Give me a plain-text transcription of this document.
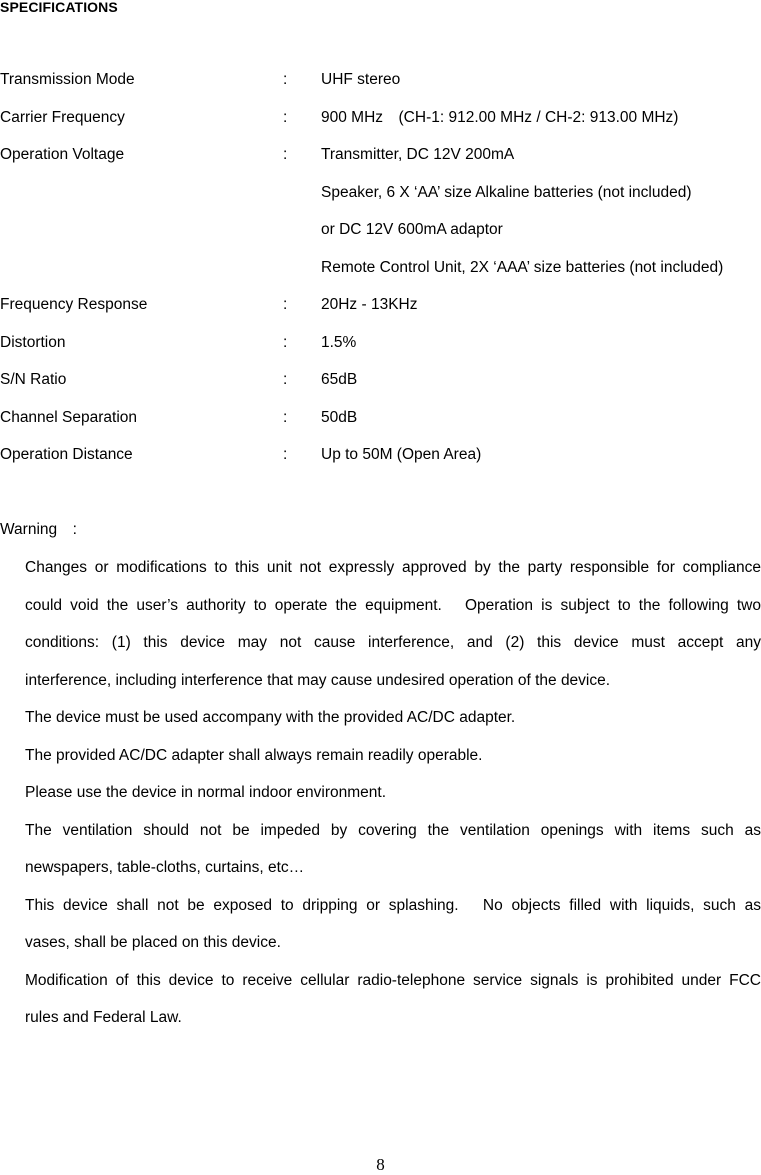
SPECIFICATIONS
Transmission Mode	: UHF stereo
Carrier Frequency	: 900 MHz　(CH-1: 912.00 MHz / CH-2: 913.00 MHz)
Operation Voltage	: Transmitter, DC 12V 200mA
Speaker, 6 X ‘AA’ size Alkaline batteries (not included)
or DC 12V 600mA adaptor
Remote Control Unit, 2X ‘AAA’ size batteries (not included)
Frequency Response	: 20Hz - 13KHz
Distortion	: 1.5%
S/N Ratio	: 65dB
Channel Separation	: 50dB
Operation Distance	: Up to 50M (Open Area)
Warning　:
Changes or modifications to this unit not expressly approved by the party responsible for compliance
could void the user’s authority to operate the equipment.　Operation is subject to the following two
conditions: (1) this device may not cause interference, and (2) this device must accept any
interference, including interference that may cause undesired operation of the device.
The device must be used accompany with the provided AC/DC adapter.
The provided AC/DC adapter shall always remain readily operable.
Please use the device in normal indoor environment.
The ventilation should not be impeded by covering the ventilation openings with items such as
newspapers, table-cloths, curtains, etc…
This device shall not be exposed to dripping or splashing.　No objects filled with liquids, such as
vases, shall be placed on this device.
Modification of this device to receive cellular radio-telephone service signals is prohibited under FCC
rules and Federal Law.
8
